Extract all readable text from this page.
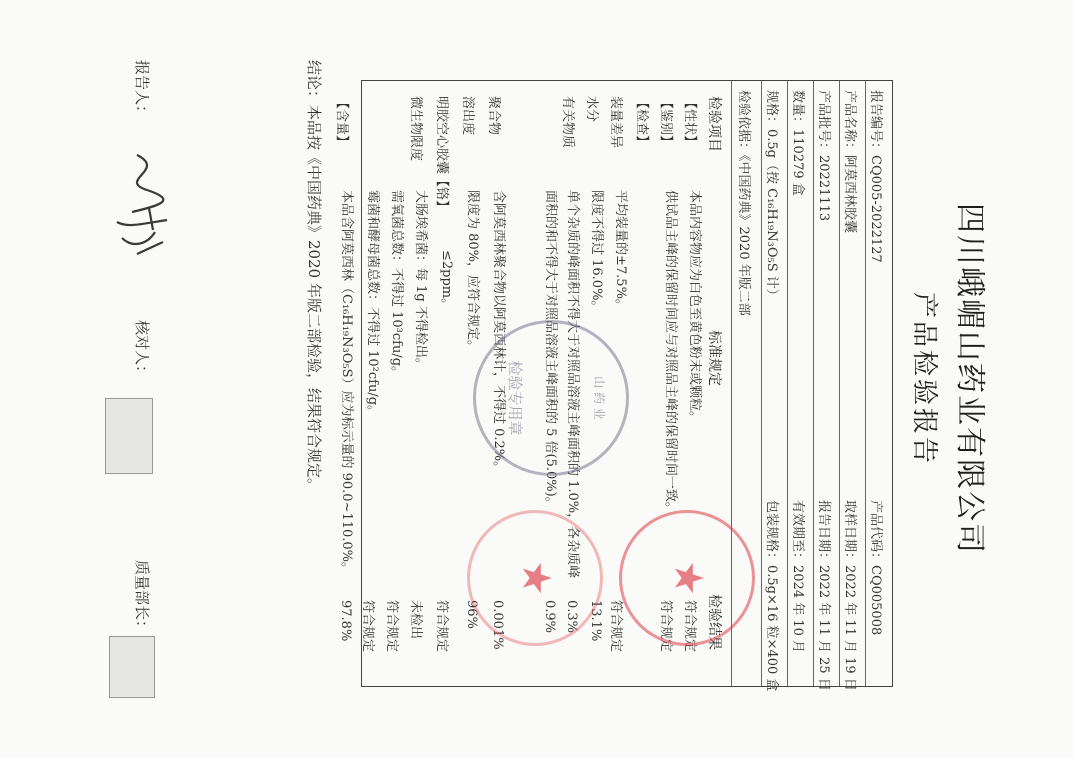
四川峨嵋山药业有限公司
产品检验报告
报告编号：CQ005-2022127
产品代码：CQ005008
产品名称：阿莫西林胶囊
取样日期：2022 年 11 月 19 日
产品批号：20221113
报告日期：2022 年 11 月 25 日
数量：110279 盒
有效期至：2024 年 10 月
规格：0.5g（按 C₁₆H₁₉N₃O₅S 计）
包装规格：0.5g×16 粒×400 盒
检验依据：《中国药典》2020 年版二部
检验项目
标准规定
检验结果
【性状】
本品内容物应为白色至黄色粉末或颗粒。
符合规定
【鉴别】
供试品主峰的保留时间应与对照品主峰的保留时间一致。
符合规定
【检查】
装量差异
平均装量的±7.5%。
符合规定
水分
限度不得过 16.0%。
13.1%
有关物质
单个杂质的峰面积不得大于对照品溶液主峰面积的 1.0%，各杂质峰面积的和不得大于对照品溶液主峰面积的 5 倍(5.0%)。
0.3%
0.9%
聚合物
含阿莫西林聚合物以阿莫西林计，不得过 0.2%。
0.001%
溶出度
限度为 80%，应符合规定。
96%
明胶空心胶囊【铬】
≤2ppm。
符合规定
微生物限度
大肠埃希菌：每 1g 不得检出。
未检出
需氧菌总数：不得过 10³cfu/g。
符合规定
霉菌和酵母菌总数：不得过 10²cfu/g。
符合规定
【含量】
本品含阿莫西林（C₁₆H₁₉N₃O₅S）应为标示量的 90.0~110.0%。
97.8%
结论：本品按《中国药典》2020 年版二部检验，结果符合规定。
报告人：
核对人：
质量部长：
山 药 业
检验专用章
★
★
